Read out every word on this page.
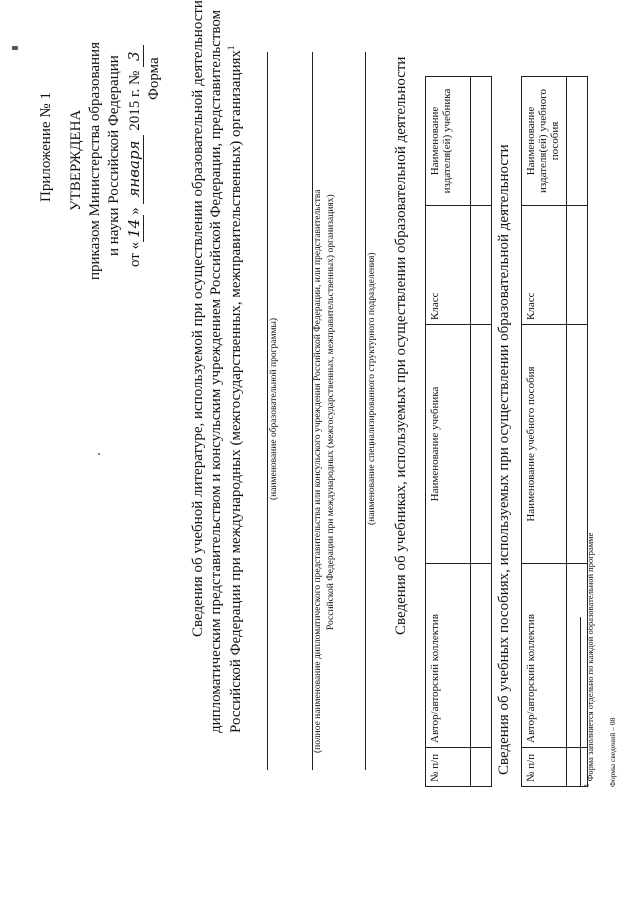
Приложение № 1 УТВЕРЖДЕНА приказом Министерства образования и науки Российской Федерации от «14» января 2015 г. № 3
Форма Сведения об учебной литературе, используемой при осуществлении образовательной деятельности дипломатическим представительством и консульским учреждением Российской Федерации, представительством Российской Федерации при международных (межгосударственных, межправительственных) организациях$^1$
(наименование образовательной программы)	(полное наименование дипломатического представительства или консульского учреждения Российской Федерации, или представительства Российской Федерации при международных (межгосударственных, межправительственных) организациях)	(наименование специализированного структурного подразделения) Сведения об учебниках, используемых при осуществлении образовательной деятельности
№ п/п	Автор/авторский коллектив	Наименование учебника	Класс	Наименование издателя(ей) учебника

Сведения об учебных пособиях, используемых при осуществлении образовательной деятельности № п/п	Автор/авторский коллектив	Наименование учебного пособия	Класс	Наименование издателя(ей) учебного пособия

$^1$ Форма заполняется отдельно по каждой образовательной программе Формы сведений – 08
